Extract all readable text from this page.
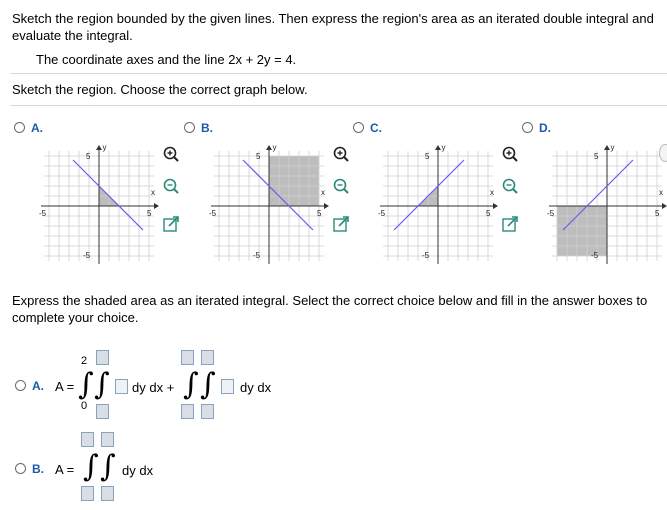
Sketch the region bounded by the given lines. Then express the region's area as an iterated double integral and evaluate the integral.
The coordinate axes and the line 2x + 2y = 4.
Sketch the region. Choose the correct graph below.
A.
y
x
5
-5
-5	5
B.
y
x
5
-5
-5	5
C.
y
x
5
-5
-5	5
D.
y
x
5
-5
-5	5
Express the shaded area as an iterated integral. Select the correct choice below and fill in the answer boxes to complete your choice.
A. A =
2
0
∫ ∫ dy dx + ∫ ∫ dy dx
B. A = ∫ ∫ dy dx
